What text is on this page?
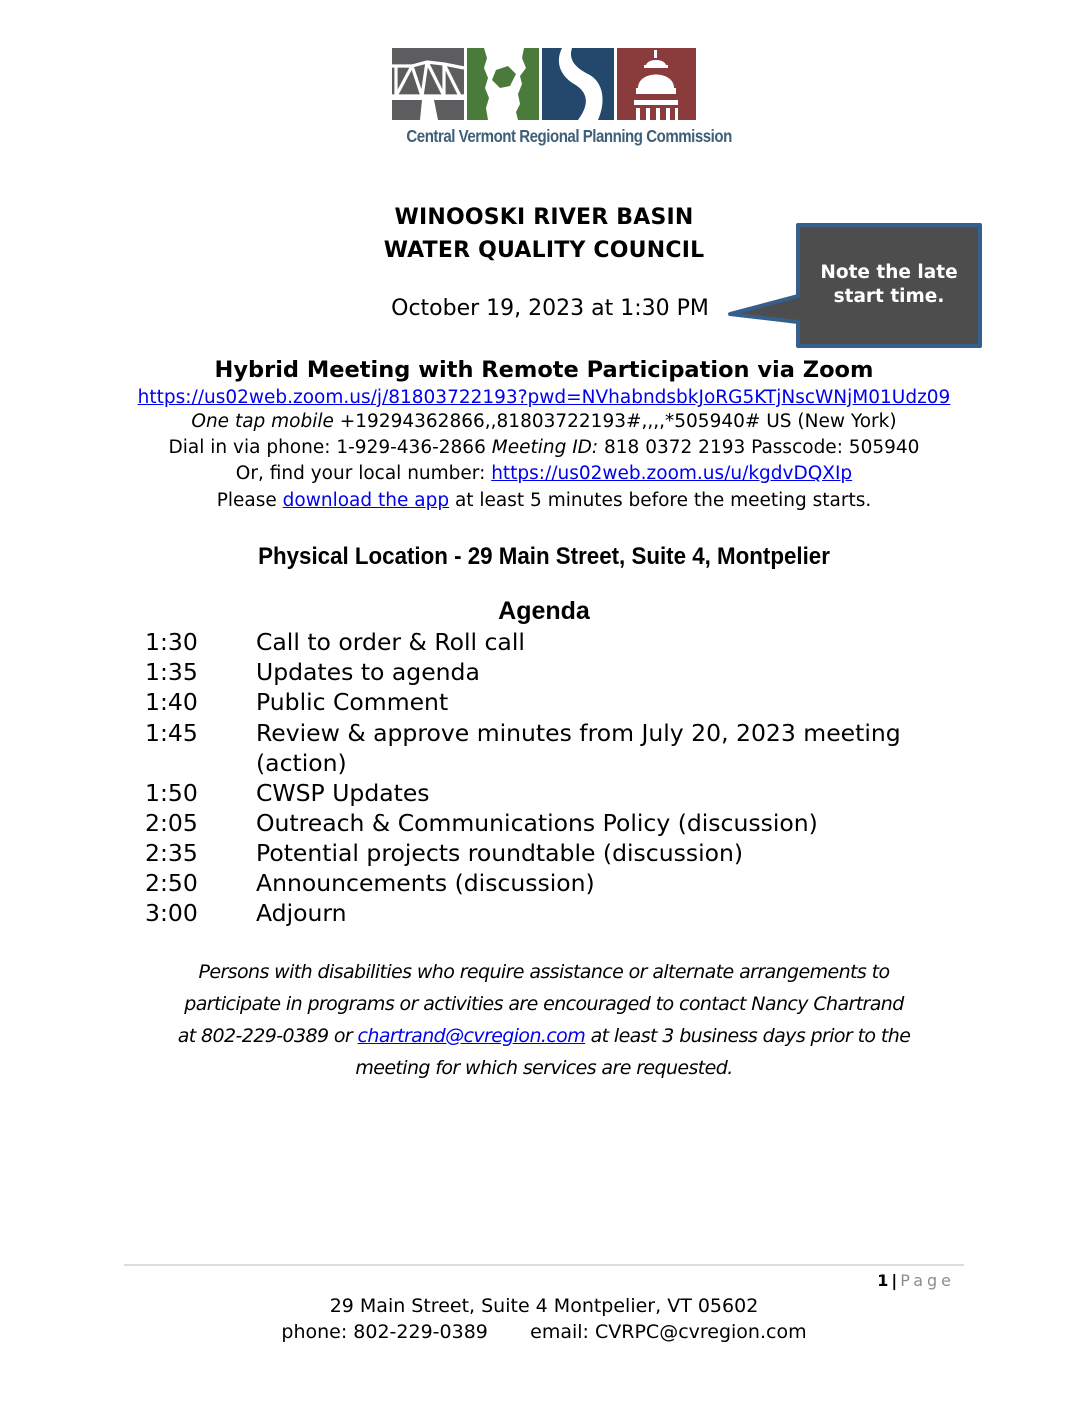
Central Vermont Regional Planning Commission
WINOOSKI RIVER BASIN
WATER QUALITY COUNCIL
October 19, 2023 at 1:30 PM
Note the late start time.
Hybrid Meeting with Remote Participation via Zoom
https://us02web.zoom.us/j/81803722193?pwd=NVhabndsbkJoRG5KTjNscWNjM01Udz09
One tap mobile +19294362866,,81803722193#,,,,*505940# US (New York)
Dial in via phone: 1-929-436-2866 Meeting ID: 818 0372 2193 Passcode: 505940
Or, find your local number: https://us02web.zoom.us/u/kgdvDQXIp
Please download the app at least 5 minutes before the meeting starts.
Physical Location - 29 Main Street, Suite 4, Montpelier
Agenda
1:30 Call to order & Roll call
1:35 Updates to agenda
1:40 Public Comment
1:45 Review & approve minutes from July 20, 2023 meeting
(action)
1:50 CWSP Updates
2:05 Outreach & Communications Policy (discussion)
2:35 Potential projects roundtable (discussion)
2:50 Announcements (discussion)
3:00 Adjourn
Persons with disabilities who require assistance or alternate arrangements to
participate in programs or activities are encouraged to contact Nancy Chartrand
at 802-229-0389 or chartrand@cvregion.com at least 3 business days prior to the
meeting for which services are requested.
1 | Page
29 Main Street, Suite 4 Montpelier, VT 05602
phone: 802-229-0389       email: CVRPC@cvregion.com
